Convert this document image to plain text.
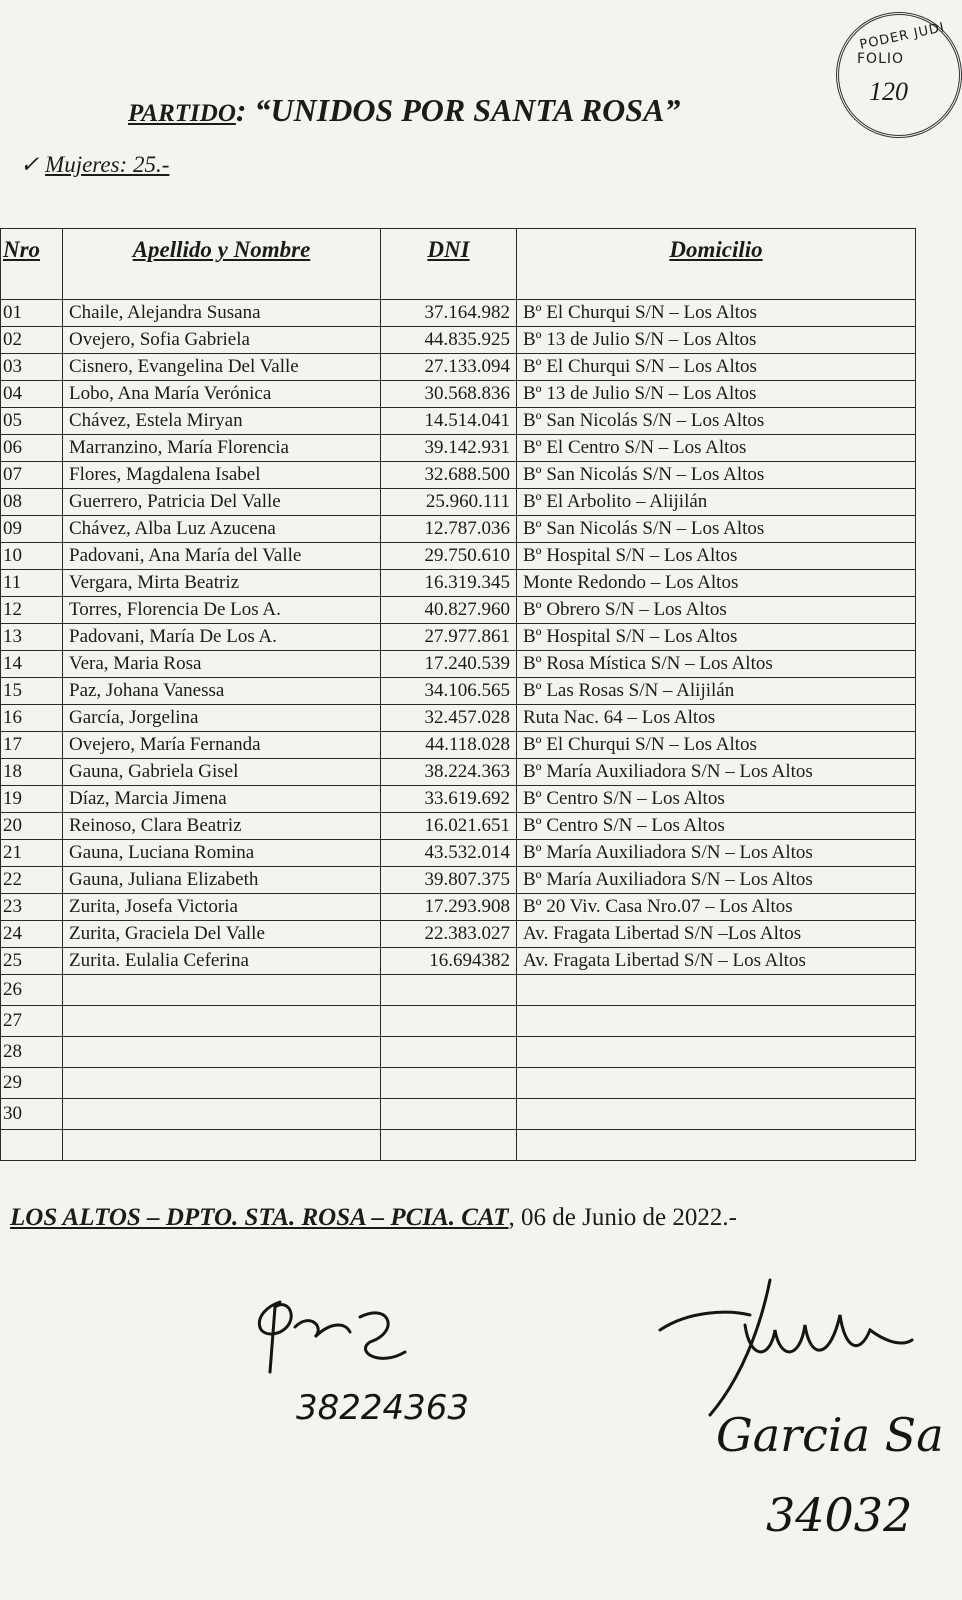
PODER JUDI
FOLIO
120
PARTIDO: “UNIDOS POR SANTA ROSA”
✓ Mujeres: 25.-
Nro	Apellido y Nombre	DNI	Domicilio
01	Chaile, Alejandra Susana	37.164.982	Bº El Churqui S/N – Los Altos
02	Ovejero, Sofia Gabriela	44.835.925	Bº 13 de Julio S/N – Los Altos
03	Cisnero, Evangelina Del Valle	27.133.094	Bº El Churqui S/N – Los Altos
04	Lobo, Ana María Verónica	30.568.836	Bº 13 de Julio S/N – Los Altos
05	Chávez, Estela Miryan	14.514.041	Bº San Nicolás S/N – Los Altos
06	Marranzino, María Florencia	39.142.931	Bº El Centro S/N – Los Altos
07	Flores, Magdalena Isabel	32.688.500	Bº San Nicolás S/N – Los Altos
08	Guerrero, Patricia Del Valle	25.960.111	Bº El Arbolito – Alijilán
09	Chávez, Alba Luz Azucena	12.787.036	Bº San Nicolás S/N – Los Altos
10	Padovani, Ana María del Valle	29.750.610	Bº Hospital S/N – Los Altos
11	Vergara, Mirta Beatriz	16.319.345	Monte Redondo – Los Altos
12	Torres, Florencia De Los A.	40.827.960	Bº Obrero S/N – Los Altos
13	Padovani, María De Los A.	27.977.861	Bº Hospital S/N – Los Altos
14	Vera, Maria Rosa	17.240.539	Bº Rosa Mística S/N – Los Altos
15	Paz, Johana Vanessa	34.106.565	Bº Las Rosas S/N – Alijilán
16	García, Jorgelina	32.457.028	Ruta Nac. 64 – Los Altos
17	Ovejero, María Fernanda	44.118.028	Bº El Churqui S/N – Los Altos
18	Gauna, Gabriela Gisel	38.224.363	Bº María Auxiliadora S/N – Los Altos
19	Díaz, Marcia Jimena	33.619.692	Bº Centro S/N – Los Altos
20	Reinoso, Clara Beatriz	16.021.651	Bº Centro S/N – Los Altos
21	Gauna, Luciana Romina	43.532.014	Bº María Auxiliadora S/N – Los Altos
22	Gauna, Juliana Elizabeth	39.807.375	Bº María Auxiliadora S/N – Los Altos
23	Zurita, Josefa Victoria	17.293.908	Bº 20 Viv. Casa Nro.07 – Los Altos
24	Zurita, Graciela Del Valle	22.383.027	Av. Fragata Libertad S/N –Los Altos
25	Zurita. Eulalia Ceferina	16.694382	Av. Fragata Libertad S/N – Los Altos
26			
27			
28			
29			
30			

LOS ALTOS – DPTO. STA. ROSA – PCIA. CAT, 06 de Junio de 2022.-
38224363	Garcia Sa
34032
